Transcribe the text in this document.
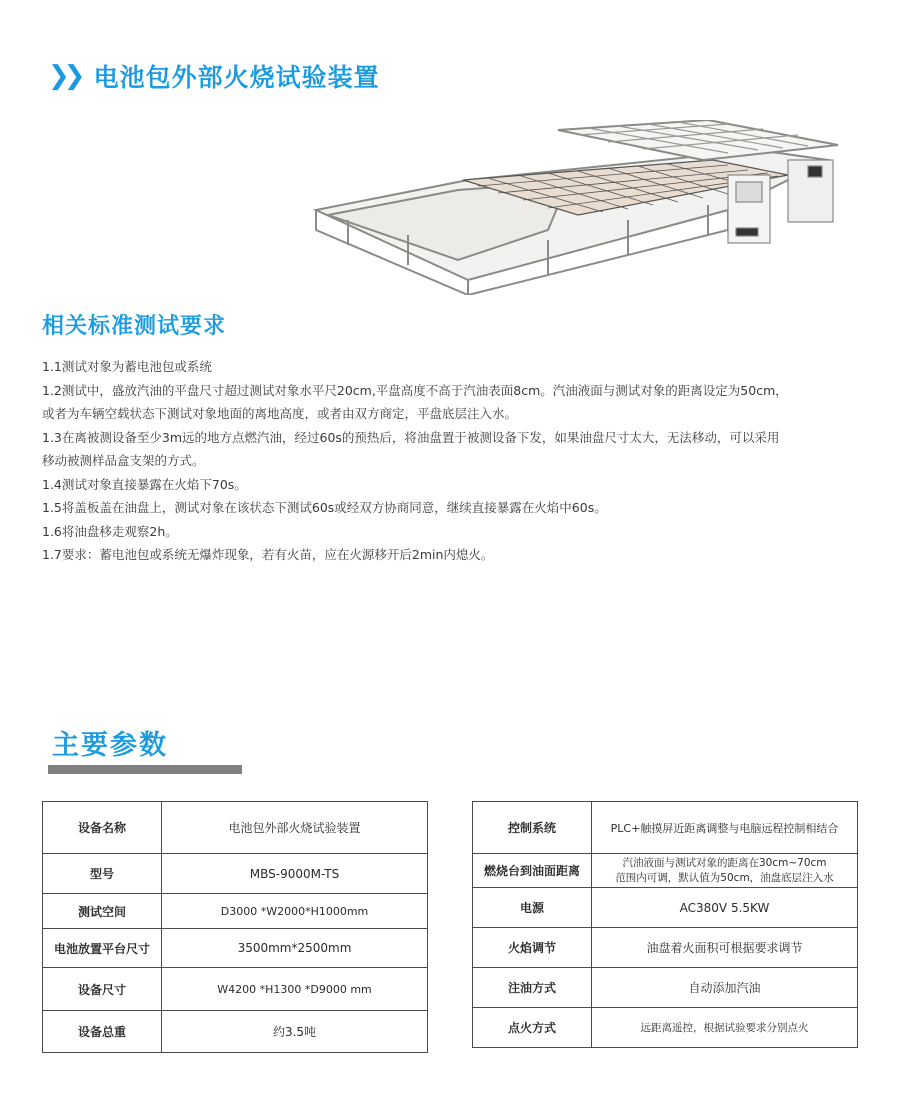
❯❯ 电池包外部火烧试验装置
相关标准测试要求
1.1测试对象为蓄电池包或系统
1.2测试中，盛放汽油的平盘尺寸超过测试对象水平尺20cm,平盘高度不高于汽油表面8cm。汽油液面与测试对象的距离设定为50cm，
或者为车辆空载状态下测试对象地面的离地高度，或者由双方商定，平盘底层注入水。
1.3在离被测设备至少3m远的地方点燃汽油，经过60s的预热后，将油盘置于被测设备下发，如果油盘尺寸太大，无法移动，可以采用
移动被测样品盒支架的方式。
1.4测试对象直接暴露在火焰下70s。
1.5将盖板盖在油盘上，测试对象在该状态下测试60s或经双方协商同意，继续直接暴露在火焰中60s。
1.6将油盘移走观察2h。
1.7要求：蓄电池包或系统无爆炸现象，若有火苗，应在火源移开后2min内熄火。
主要参数
设备名称	电池包外部火烧试验装置
型号	MBS-9000M-TS
测试空间	D3000 *W2000*H1000mm
电池放置平台尺寸	3500mm*2500mm
设备尺寸	W4200 *H1300 *D9000 mm
设备总重	约3.5吨
控制系统	PLC+触摸屏近距离调整与电脑远程控制相结合
燃烧台到油面距离	汽油液面与测试对象的距离在30cm~70cm
范围内可调，默认值为50cm，油盘底层注入水

电源	AC380V 5.5KW
火焰调节	油盘着火面积可根据要求调节
注油方式	自动添加汽油
点火方式	远距离遥控，根据试验要求分别点火
